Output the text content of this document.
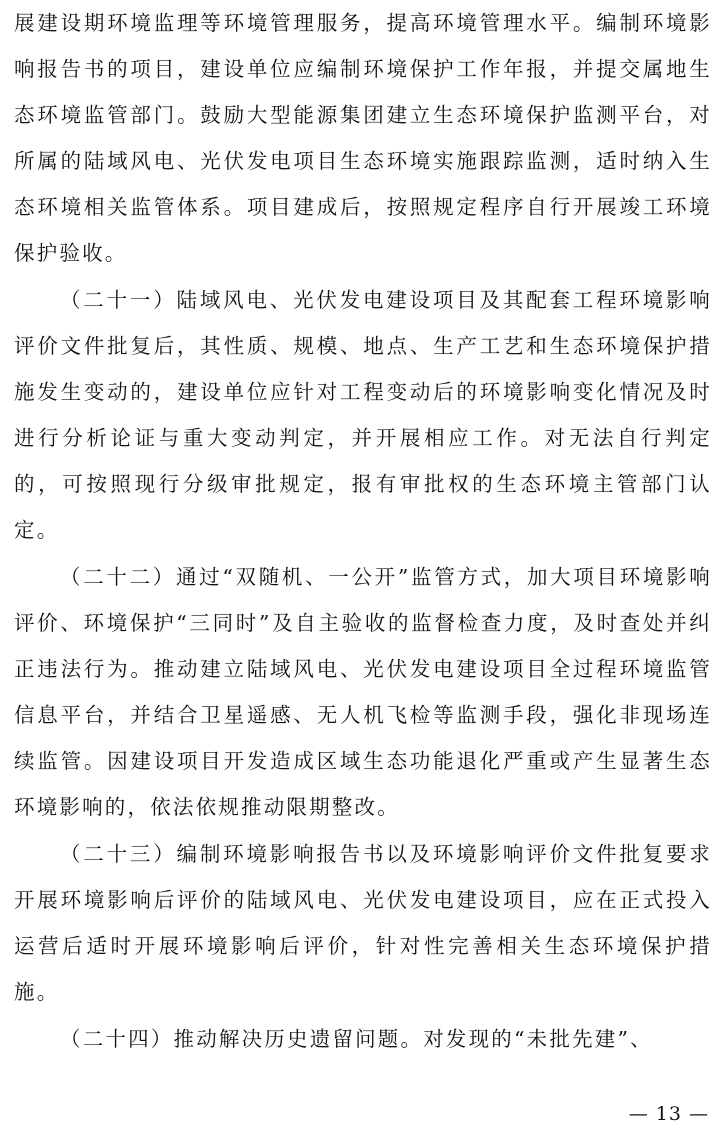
展建设期环境监理等环境管理服务，提高环境管理水平。编制环境影响报告书的项目，建设单位应编制环境保护工作年报，并提交属地生态环境监管部门。鼓励大型能源集团建立生态环境保护监测平台，对所属的陆域风电、光伏发电项目生态环境实施跟踪监测，适时纳入生态环境相关监管体系。项目建成后，按照规定程序自行开展竣工环境保护验收。

（二十一）陆域风电、光伏发电建设项目及其配套工程环境影响评价文件批复后，其性质、规模、地点、生产工艺和生态环境保护措施发生变动的，建设单位应针对工程变动后的环境影响变化情况及时进行分析论证与重大变动判定，并开展相应工作。对无法自行判定的，可按照现行分级审批规定，报有审批权的生态环境主管部门认定。

（二十二）通过“双随机、一公开”监管方式，加大项目环境影响评价、环境保护“三同时”及自主验收的监督检查力度，及时查处并纠正违法行为。推动建立陆域风电、光伏发电建设项目全过程环境监管信息平台，并结合卫星遥感、无人机飞检等监测手段，强化非现场连续监管。因建设项目开发造成区域生态功能退化严重或产生显著生态环境影响的，依法依规推动限期整改。

（二十三）编制环境影响报告书以及环境影响评价文件批复要求开展环境影响后评价的陆域风电、光伏发电建设项目，应在正式投入运营后适时开展环境影响后评价，针对性完善相关生态环境保护措施。

（二十四）推动解决历史遗留问题。对发现的“未批先建”、

— 13 —
